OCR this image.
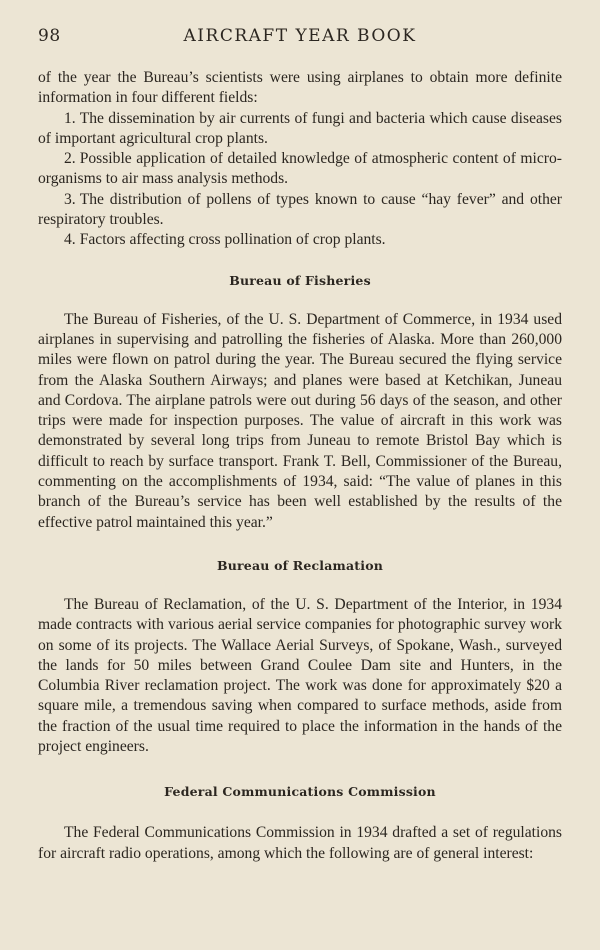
98	AIRCRAFT YEAR BOOK

of the year the Bureau’s scientists were using airplanes to obtain more definite information in four different fields:

1. The dissemination by air currents of fungi and bacteria which cause diseases of important agricultural crop plants.
2. Possible application of detailed knowledge of atmospheric content of micro-organisms to air mass analysis methods.
3. The distribution of pollens of types known to cause “hay fever” and other respiratory troubles.
4. Factors affecting cross pollination of crop plants.
Bureau of Fisheries

The Bureau of Fisheries, of the U. S. Department of Commerce, in 1934 used airplanes in supervising and patrolling the fisheries of Alaska. More than 260,000 miles were flown on patrol during the year. The Bureau secured the flying service from the Alaska Southern Airways; and planes were based at Ketchikan, Juneau and Cordova. The airplane patrols were out during 56 days of the season, and other trips were made for inspection purposes. The value of aircraft in this work was demonstrated by several long trips from Juneau to remote Bristol Bay which is difficult to reach by surface transport. Frank T. Bell, Commissioner of the Bureau, commenting on the accomplishments of 1934, said: “The value of planes in this branch of the Bureau’s service has been well established by the results of the effective patrol maintained this year.”

Bureau of Reclamation

The Bureau of Reclamation, of the U. S. Department of the Interior, in 1934 made contracts with various aerial service companies for photographic survey work on some of its projects. The Wallace Aerial Surveys, of Spokane, Wash., surveyed the lands for 50 miles between Grand Coulee Dam site and Hunters, in the Columbia River reclamation project. The work was done for approximately $20 a square mile, a tremendous saving when compared to surface methods, aside from the fraction of the usual time required to place the information in the hands of the project engineers.

Federal Communications Commission

The Federal Communications Commission in 1934 drafted a set of regulations for aircraft radio operations, among which the following are of general interest:
